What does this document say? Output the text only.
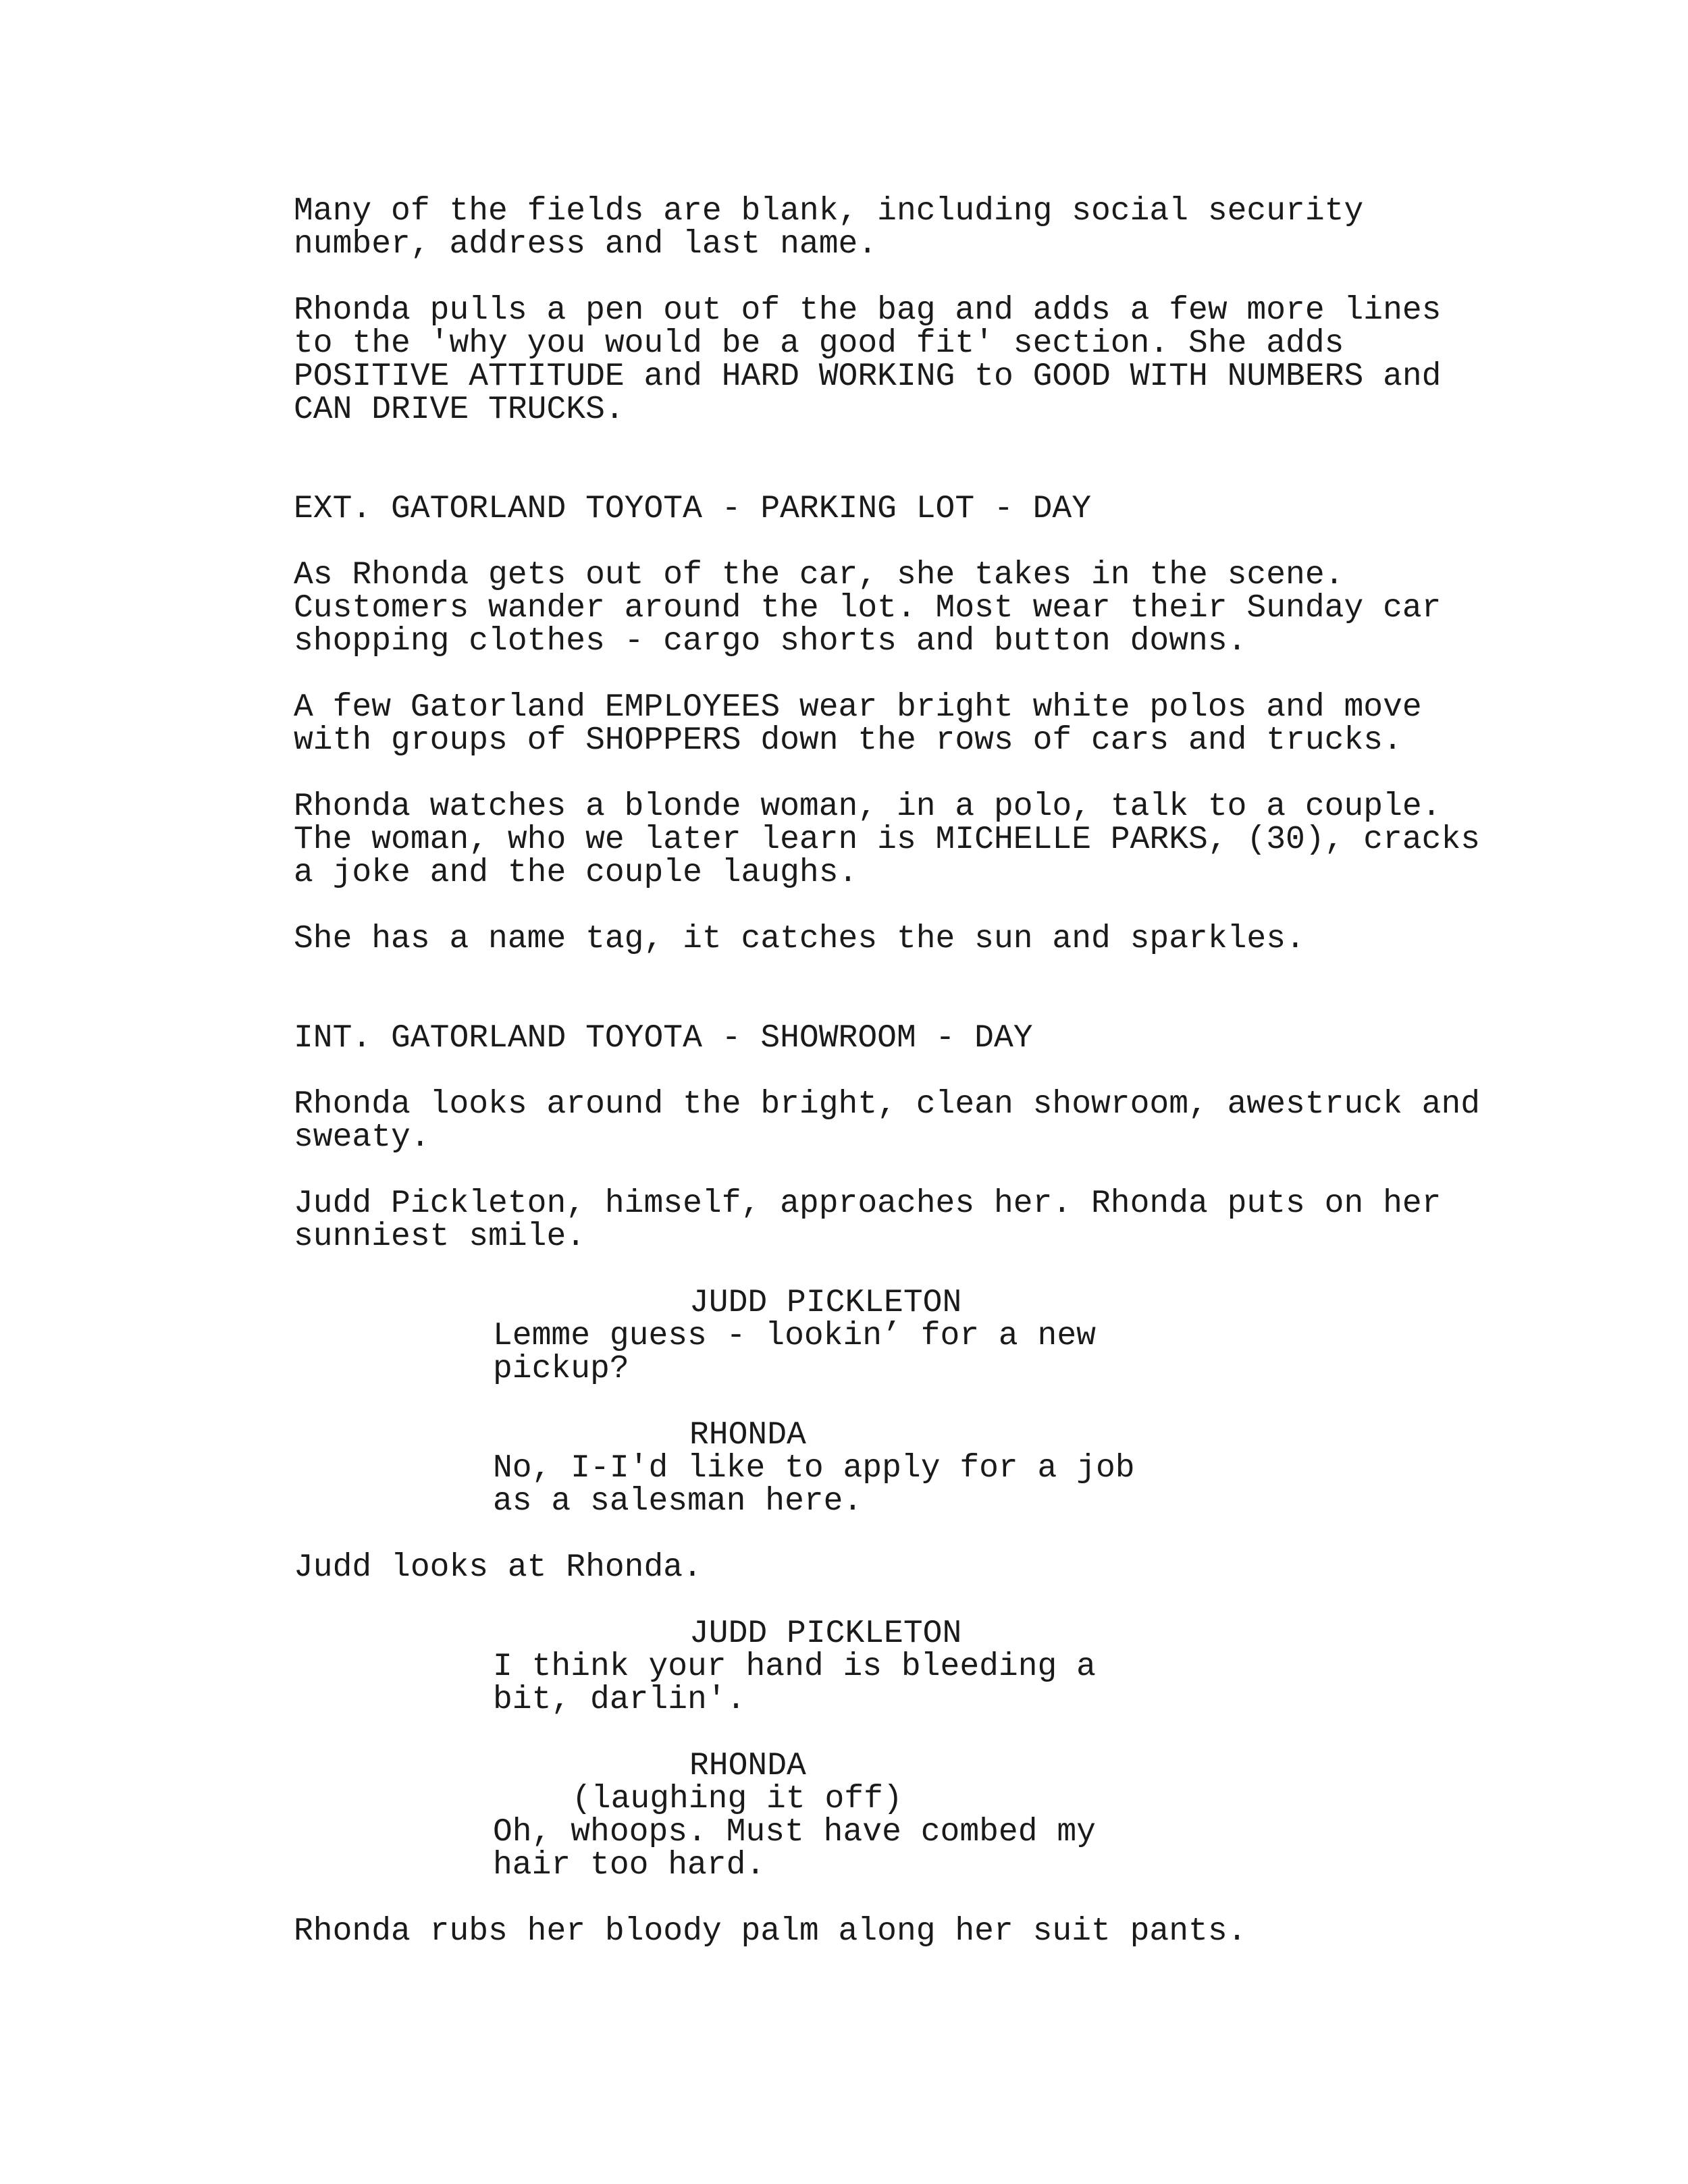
Many of the fields are blank, including social security

number, address and last name.

Rhonda pulls a pen out of the bag and adds a few more lines

to the 'why you would be a good fit' section. She adds

POSITIVE ATTITUDE and HARD WORKING to GOOD WITH NUMBERS and

CAN DRIVE TRUCKS.

EXT. GATORLAND TOYOTA - PARKING LOT - DAY

As Rhonda gets out of the car, she takes in the scene.

Customers wander around the lot. Most wear their Sunday car

shopping clothes - cargo shorts and button downs.

A few Gatorland EMPLOYEES wear bright white polos and move

with groups of SHOPPERS down the rows of cars and trucks.

Rhonda watches a blonde woman, in a polo, talk to a couple.

The woman, who we later learn is MICHELLE PARKS, (30), cracks

a joke and the couple laughs.

She has a name tag, it catches the sun and sparkles.

INT. GATORLAND TOYOTA - SHOWROOM - DAY

Rhonda looks around the bright, clean showroom, awestruck and

sweaty.

Judd Pickleton, himself, approaches her. Rhonda puts on her

sunniest smile.

JUDD PICKLETON

Lemme guess - lookin’ for a new

pickup?

RHONDA

No, I-I'd like to apply for a job

as a salesman here.

Judd looks at Rhonda.

JUDD PICKLETON

I think your hand is bleeding a

bit, darlin'.

RHONDA

(laughing it off)

Oh, whoops. Must have combed my

hair too hard.

Rhonda rubs her bloody palm along her suit pants.
